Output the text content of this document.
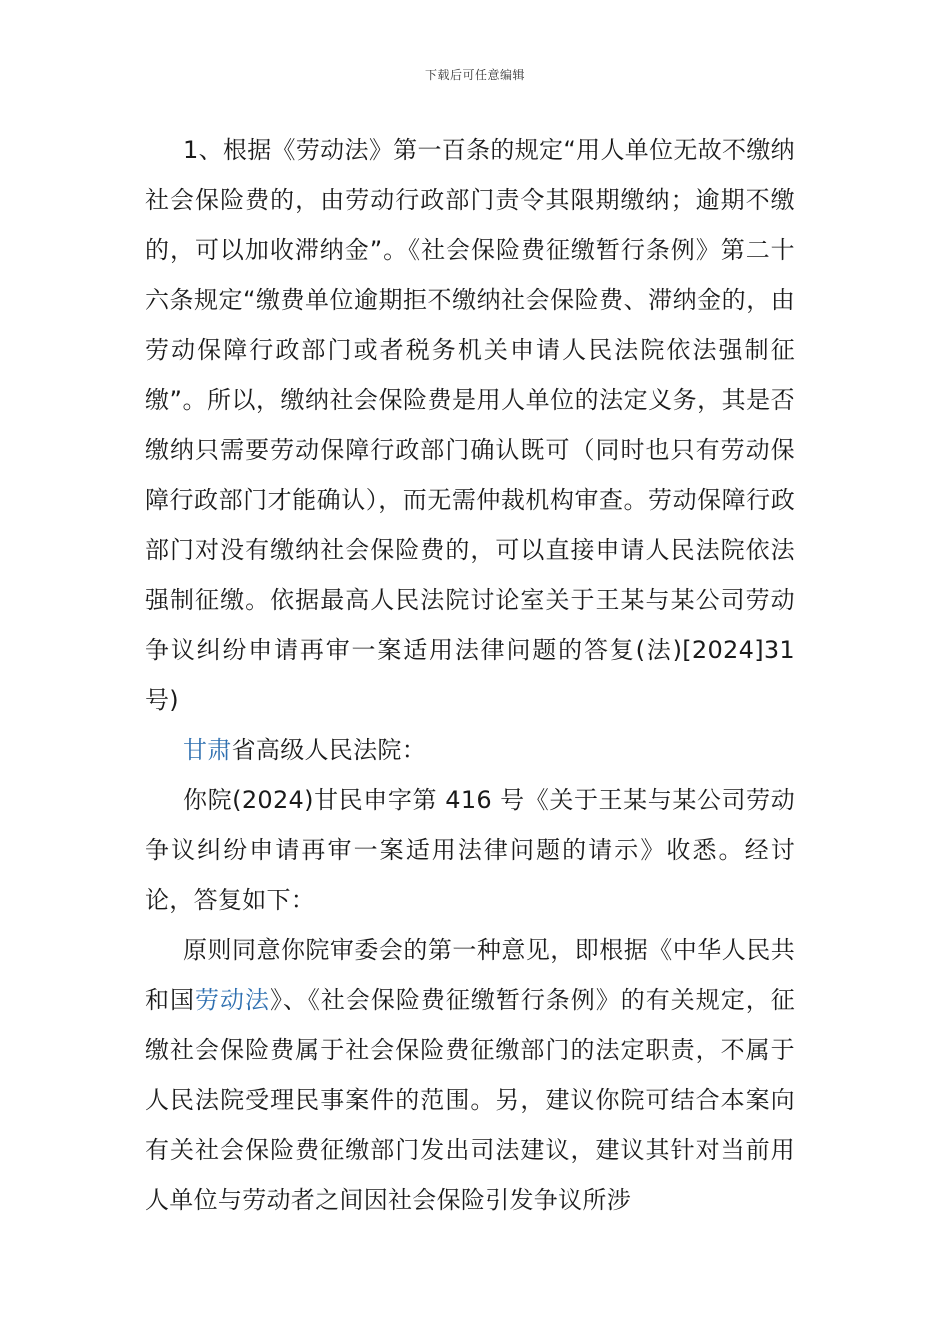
下载后可任意编辑

1、根据《劳动法》第一百条的规定“用人单位无故不缴纳社会保险费的，由劳动行政部门责令其限期缴纳；逾期不缴的，可以加收滞纳金”。《社会保险费征缴暂行条例》第二十六条规定“缴费单位逾期拒不缴纳社会保险费、滞纳金的，由劳动保障行政部门或者税务机关申请人民法院依法强制征缴”。所以，缴纳社会保险费是用人单位的法定义务，其是否缴纳只需要劳动保障行政部门确认既可（同时也只有劳动保障行政部门才能确认），而无需仲裁机构审查。劳动保障行政部门对没有缴纳社会保险费的，可以直接申请人民法院依法强制征缴。依据最高人民法院讨论室关于王某与某公司劳动争议纠纷申请再审一案适用法律问题的答复(法)[2024]31 号)

甘肃省高级人民法院：

你院(2024)甘民申字第 416 号《关于王某与某公司劳动争议纠纷申请再审一案适用法律问题的请示》收悉。经讨论，答复如下：

原则同意你院审委会的第一种意见，即根据《中华人民共和国劳动法》、《社会保险费征缴暂行条例》的有关规定，征缴社会保险费属于社会保险费征缴部门的法定职责，不属于人民法院受理民事案件的范围。另，建议你院可结合本案向有关社会保险费征缴部门发出司法建议，建议其针对当前用人单位与劳动者之间因社会保险引发争议所涉
